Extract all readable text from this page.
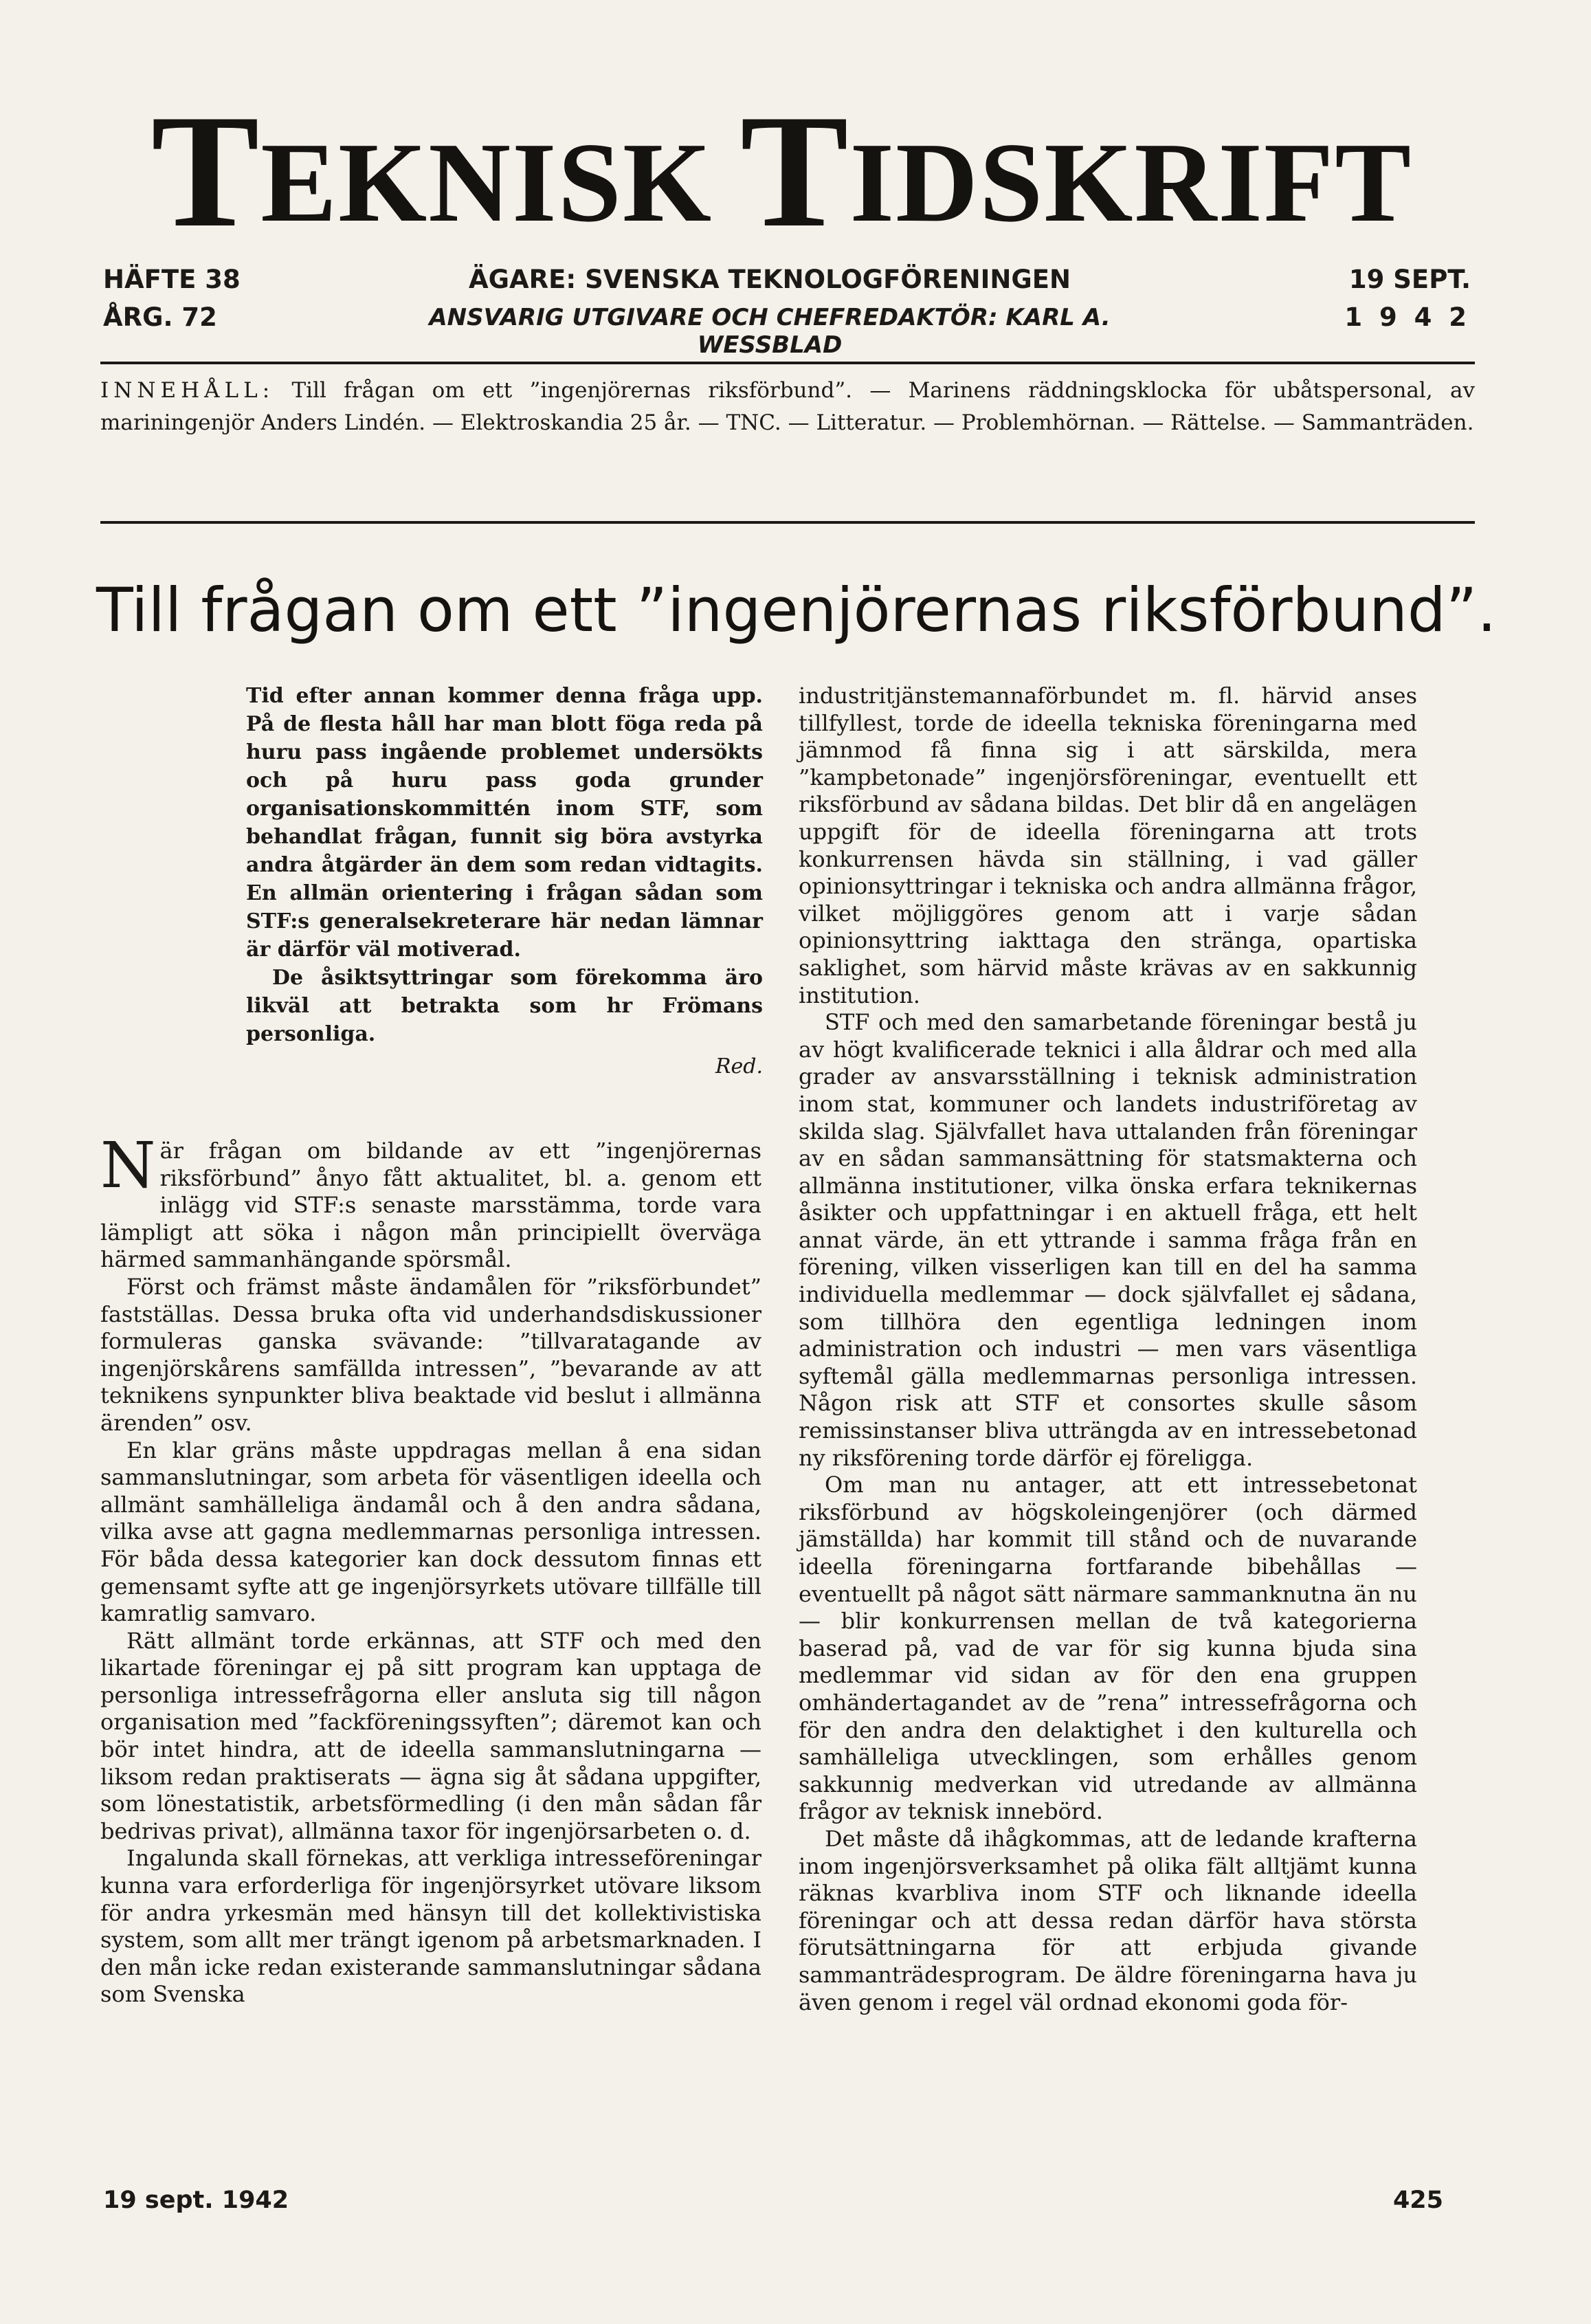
T EKNISK T IDSKRIFT
HÄFTE 38
ÅRG. 72
ÄGARE: SVENSKA TEKNOLOGFÖRENINGEN
ANSVARIG UTGIVARE OCH CHEFREDAKTÖR: KARL A. WESSBLAD
19 SEPT.
1 9 4 2
INNEHÅLL: Till frågan om ett ”ingenjörernas riksförbund”. — Marinens räddningsklocka för ubåtspersonal, av mariningenjör Anders Lindén. — Elektroskandia 25 år. — TNC. — Litteratur. — Problemhörnan. — Rättelse. — Sammanträden.
Till frågan om ett ”ingenjörernas riksförbund”.

Tid efter annan kommer denna fråga upp. På de flesta håll har man blott föga reda på huru pass ingående problemet undersökts och på huru pass goda grunder organisationskommittén inom STF, som behandlat frågan, funnit sig böra avstyrka andra åtgärder än dem som redan vidtagits. En allmän orientering i frågan sådan som STF:s generalsekreterare här nedan lämnar är därför väl motiverad.

De åsiktsyttringar som förekomma äro likväl att betrakta som hr Frömans personliga.

Red.

När frågan om bildande av ett ”ingenjörernas riksförbund” ånyo fått aktualitet, bl. a. genom ett inlägg vid STF:s senaste marsstämma, torde vara lämpligt att söka i någon mån principiellt överväga härmed sammanhängande spörsmål.

Först och främst måste ändamålen för ”riksförbundet” fastställas. Dessa bruka ofta vid underhandsdiskussioner formuleras ganska svävande: ”tillvaratagande av ingenjörskårens samfällda intressen”, ”bevarande av att teknikens synpunkter bliva beaktade vid beslut i allmänna ärenden” osv.

En klar gräns måste uppdragas mellan å ena sidan sammanslutningar, som arbeta för väsentligen ideella och allmänt samhälleliga ändamål och å den andra sådana, vilka avse att gagna medlemmarnas personliga intressen. För båda dessa kategorier kan dock dessutom finnas ett gemensamt syfte att ge ingenjörsyrkets utövare tillfälle till kamratlig samvaro.

Rätt allmänt torde erkännas, att STF och med den likartade föreningar ej på sitt program kan upptaga de personliga intressefrågorna eller ansluta sig till någon organisation med ”fackföreningssyften”; däremot kan och bör intet hindra, att de ideella sammanslutningarna — liksom redan praktiserats — ägna sig åt sådana uppgifter, som lönestatistik, arbetsförmedling (i den mån sådan får bedrivas privat), allmänna taxor för ingenjörsarbeten o. d.

Ingalunda skall förnekas, att verkliga intresseföreningar kunna vara erforderliga för ingenjörsyrket utövare liksom för andra yrkesmän med hänsyn till det kollektivistiska system, som allt mer trängt igenom på arbetsmarknaden. I den mån icke redan existerande sammanslutningar sådana som Svenska

industritjänstemannaförbundet m. fl. härvid anses tillfyllest, torde de ideella tekniska föreningarna med jämnmod få finna sig i att särskilda, mera ”kampbetonade” ingenjörsföreningar, eventuellt ett riksförbund av sådana bildas. Det blir då en angelägen uppgift för de ideella föreningarna att trots konkurrensen hävda sin ställning, i vad gäller opinionsyttringar i tekniska och andra allmänna frågor, vilket möjliggöres genom att i varje sådan opinionsyttring iakttaga den stränga, opartiska saklighet, som härvid måste krävas av en sakkunnig institution.

STF och med den samarbetande föreningar bestå ju av högt kvalificerade teknici i alla åldrar och med alla grader av ansvarsställning i teknisk administration inom stat, kommuner och landets industriföretag av skilda slag. Självfallet hava uttalanden från föreningar av en sådan sammansättning för statsmakterna och allmänna institutioner, vilka önska erfara teknikernas åsikter och uppfattningar i en aktuell fråga, ett helt annat värde, än ett yttrande i samma fråga från en förening, vilken visserligen kan till en del ha samma individuella medlemmar — dock självfallet ej sådana, som tillhöra den egentliga ledningen inom administration och industri — men vars väsentliga syftemål gälla medlemmarnas personliga intressen. Någon risk att STF et consortes skulle såsom remissinstanser bliva utträngda av en intressebetonad ny riksförening torde därför ej föreligga.

Om man nu antager, att ett intressebetonat riksförbund av högskoleingenjörer (och därmed jämställda) har kommit till stånd och de nuvarande ideella föreningarna fortfarande bibehållas — eventuellt på något sätt närmare sammanknutna än nu — blir konkurrensen mellan de två kategorierna baserad på, vad de var för sig kunna bjuda sina medlemmar vid sidan av för den ena gruppen omhändertagandet av de ”rena” intressefrågorna och för den andra den delaktighet i den kulturella och samhälleliga utvecklingen, som erhålles genom sakkunnig medverkan vid utredande av allmänna frågor av teknisk innebörd.

Det måste då ihågkommas, att de ledande krafterna inom ingenjörsverksamhet på olika fält alltjämt kunna räknas kvarbliva inom STF och liknande ideella föreningar och att dessa redan därför hava största förutsättningarna för att erbjuda givande sammanträdesprogram. De äldre föreningarna hava ju även genom i regel väl ordnad ekonomi goda för-

19 sept. 1942	425
